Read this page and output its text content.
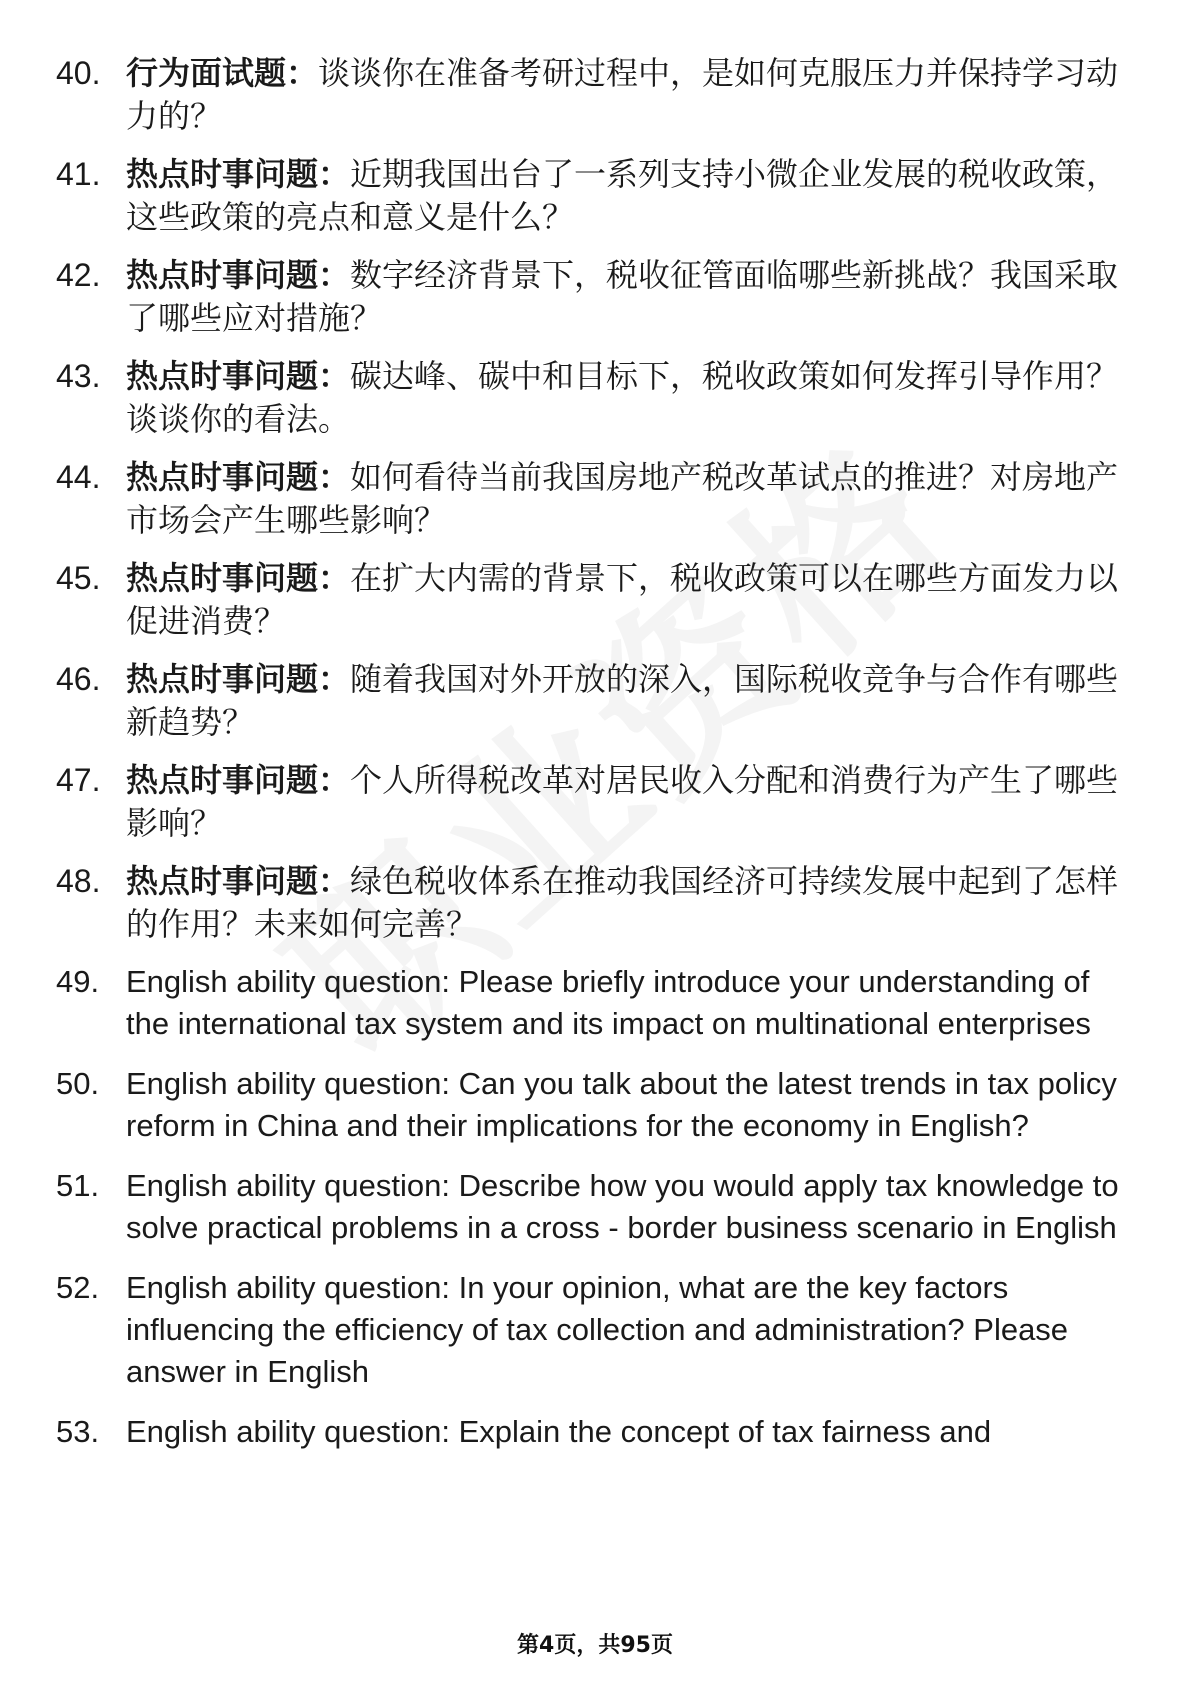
40. 行为面试题：谈谈你在准备考研过程中，是如何克服压力并保持学习动力的？
41. 热点时事问题：近期我国出台了一系列支持小微企业发展的税收政策，这些政策的亮点和意义是什么？
42. 热点时事问题：数字经济背景下，税收征管面临哪些新挑战？我国采取了哪些应对措施？
43. 热点时事问题：碳达峰、碳中和目标下，税收政策如何发挥引导作用？谈谈你的看法。
44. 热点时事问题：如何看待当前我国房地产税改革试点的推进？对房地产市场会产生哪些影响？
45. 热点时事问题：在扩大内需的背景下，税收政策可以在哪些方面发力以促进消费？
46. 热点时事问题：随着我国对外开放的深入，国际税收竞争与合作有哪些新趋势？
47. 热点时事问题：个人所得税改革对居民收入分配和消费行为产生了哪些影响？
48. 热点时事问题：绿色税收体系在推动我国经济可持续发展中起到了怎样的作用？未来如何完善？
49. English ability question: Please briefly introduce your understanding of the international tax system and its impact on multinational enterprises
50. English ability question: Can you talk about the latest trends in tax policy reform in China and their implications for the economy in English?
51. English ability question: Describe how you would apply tax knowledge to solve practical problems in a cross - border business scenario in English
52. English ability question: In your opinion, what are the key factors influencing the efficiency of tax collection and administration? Please answer in English
53. English ability question: Explain the concept of tax fairness and
第4页，共95页
